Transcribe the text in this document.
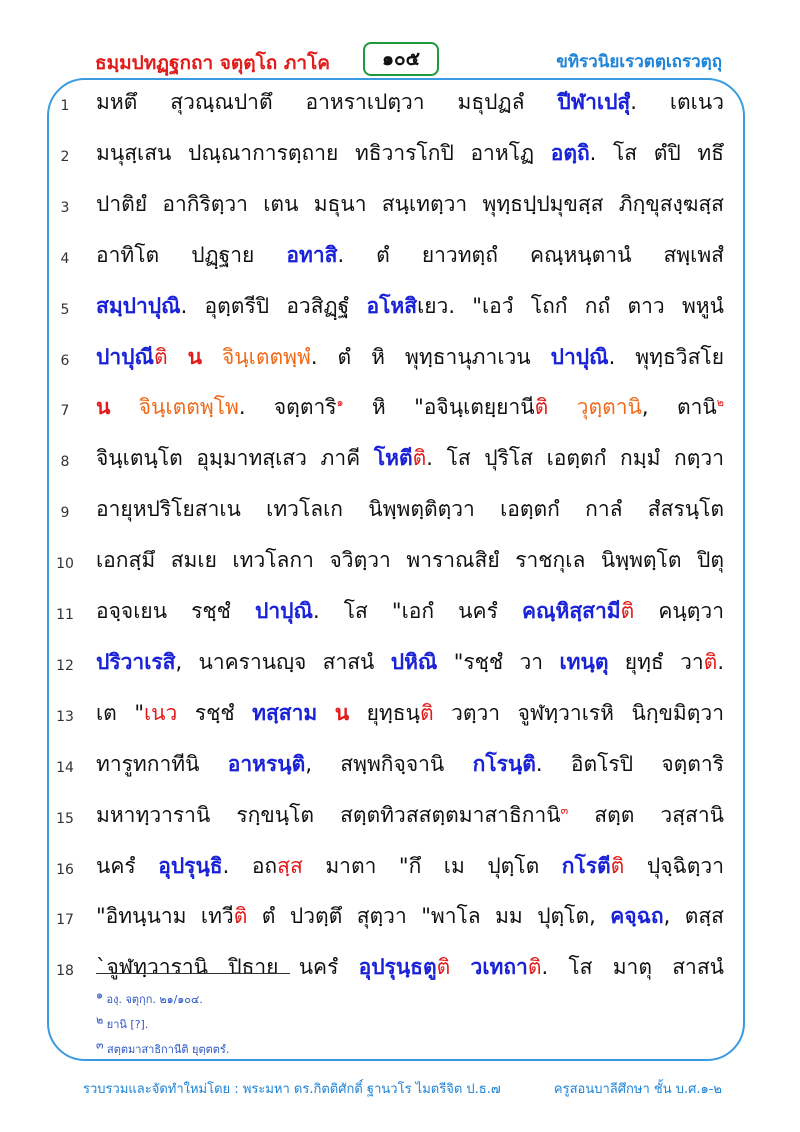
ธมฺมปทฏฺฐกถา จตุตฺโถ ภาโค	๑๐๕	ขทิรวนิยเรวตตฺเถรวตฺถุ
1	มหตึ สุวณฺณปาตึ อาหราเปตฺวา มธุปฏลํ ปีฬาเปสุํ. เตเนว
2	มนุสฺเสน ปณฺณาการตฺถาย ทธิวารโกปิ อาหโฏ อตฺถิ. โส ตํปิ ทธึ
3	ปาติยํ อากิริตฺวา เตน มธุนา สนฺเทตฺวา พุทฺธปฺปมุขสฺส ภิกฺขุสงฺฆสฺส
4	อาทิโต ปฏฺฐาย อทาสิ. ตํ ยาวทตฺถํ คณฺหนฺตานํ สพฺเพสํ
5	สมฺปาปุณิ. อุตฺตรีปิ อวสิฏฺฐํ อโหสิเยว. "เอวํ โถกํ กถํ ตาว พหูนํ
6	ปาปุณีติ น จินฺเตตพฺพํ. ตํ หิ พุทฺธานุภาเวน ปาปุณิ. พุทฺธวิสโย
7	น จินฺเตตพฺโพ. จตฺตาริ$^๑$ หิ "อจินฺเตยฺยานีติ วุตฺตานิ, ตานิ$^๒$
8	จินฺเตนฺโต อุมฺมาทสฺเสว ภาคี โหตีติ. โส ปุริโส เอตฺตกํ กมฺมํ กตฺวา
9	อายุหปริโยสาเน เทวโลเก นิพฺพตฺติตฺวา เอตฺตกํ กาลํ สํสรนฺโต
10 เอกสฺมึ สมเย เทวโลกา จวิตฺวา พาราณสิยํ ราชกุเล นิพฺพตฺโต ปิตุ
11 อจฺจเยน รชฺชํ ปาปุณิ. โส "เอกํ นครํ คณฺหิสฺสามีติ คนฺตฺวา
12 ปริวาเรสิ, นาครานญฺจ สาสนํ ปหิณิ "รชฺชํ วา เทนฺตุ ยุทฺธํ วาติ.
13 เต "เนว รชฺชํ ทสฺสาม น ยุทฺธนฺติ วตฺวา จูฬทฺวาเรหิ นิกฺขมิตฺวา
14 ทารูทกาทีนิ อาหรนฺติ, สพฺพกิจฺจานิ กโรนฺติ. อิตโรปิ จตฺตาริ
15 มหาทฺวารานิ รกฺขนฺโต สตฺตทิวสสตฺตมาสาธิกานิ$^๓$ สตฺต วสฺสานิ
16 นครํ อุปรุนฺธิ. อถสฺส มาตา "กึ เม ปุตฺโต กโรตีติ ปุจฺฉิตฺวา
17 "อิทนฺนาม เทวีติ ตํ ปวตฺตึ สุตฺวา "พาโล มม ปุตฺโต, คจฺฉถ, ตสฺส
18 `จูฬทฺวารานิ ปิธาย นครํ อุปรุนฺธตูติ วเทถาติ. โส มาตุ สาสนํ
$^๑$ องฺ. จตุกฺก. ๒๑/๑๐๔.
$^๒$ ยานิ [?].
$^๓$ สตฺตมาสาธิกานีติ ยุตฺตตรํ.
รวบรวมและจัดทำใหม่โดย : พระมหา ดร.กิตติศักดิ์ ฐานวโร ไมตรีจิต ป.ธ.๗	ครูสอนบาลีศึกษา ชั้น บ.ศ.๑-๒
